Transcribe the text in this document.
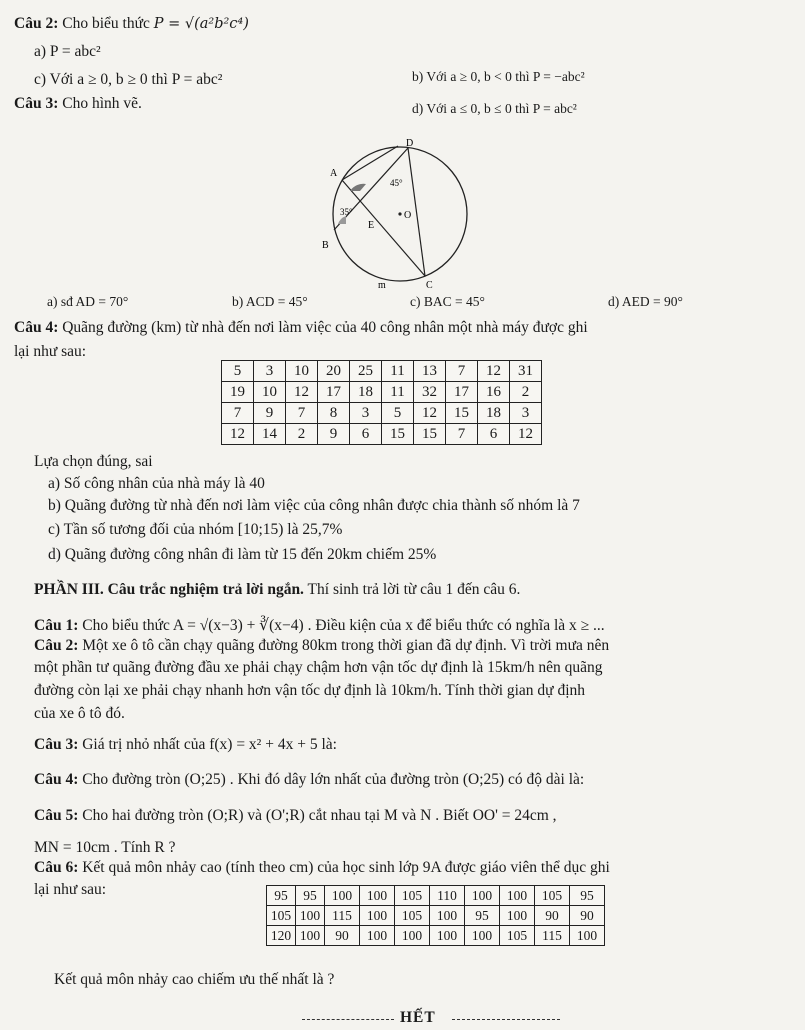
Câu 2: Cho biểu thức P = √(a²b²c⁴)
a) P = abc²
c) Với a ≥ 0, b ≥ 0 thì P = abc²	b) Với a ≥ 0, b < 0 thì P = −abc²
Câu 3: Cho hình vẽ.	d) Với a ≤ 0, b ≤ 0 thì P = abc²
D
A
O
E
B
m	C
45°
35°
a) sđ AD = 70°	b) ACD = 45°	c) BAC = 45°	d) AED = 90°
Câu 4: Quãng đường (km) từ nhà đến nơi làm việc của 40 công nhân một nhà máy được ghi
lại như sau:
5	3	10	20	25	11	13	7	12	31
19	10	12	17	18	11	32	17	16	2
7	9	7	8	3	5	12	15	18	3
12	14	2	9	6	15	15	7	6	12
Lựa chọn đúng, sai
a) Số công nhân của nhà máy là 40
b) Quãng đường từ nhà đến nơi làm việc của công nhân được chia thành số nhóm là 7
c) Tần số tương đối của nhóm [10;15) là 25,7%
d) Quãng đường công nhân đi làm từ 15 đến 20km chiếm 25%
PHẦN III. Câu trắc nghiệm trả lời ngắn. Thí sinh trả lời từ câu 1 đến câu 6.
Câu 1: Cho biểu thức A = √(x−3) + ∛(x−4) . Điều kiện của x để biểu thức có nghĩa là x ≥ ...
Câu 2: Một xe ô tô cần chạy quãng đường 80km trong thời gian đã dự định. Vì trời mưa nên
một phần tư quãng đường đầu xe phải chạy chậm hơn vận tốc dự định là 15km/h nên quãng
đường còn lại xe phải chạy nhanh hơn vận tốc dự định là 10km/h. Tính thời gian dự định
của xe ô tô đó.
Câu 3: Giá trị nhỏ nhất của f(x) = x² + 4x + 5 là:
Câu 4: Cho đường tròn (O;25) . Khi đó dây lớn nhất của đường tròn (O;25) có độ dài là:
Câu 5: Cho hai đường tròn (O;R) và (O';R) cắt nhau tại M và N . Biết OO' = 24cm ,
MN = 10cm . Tính R ?
Câu 6: Kết quả môn nhảy cao (tính theo cm) của học sinh lớp 9A được giáo viên thể dục ghi
lại như sau:	95	95	100	100	105	110	100	100	105	95
105	100	115	100	105	100	95	100	90	90
120	100	90	100	100	100	100	105	115	100
Kết quả môn nhảy cao chiếm ưu thế nhất là ?
HẾT
